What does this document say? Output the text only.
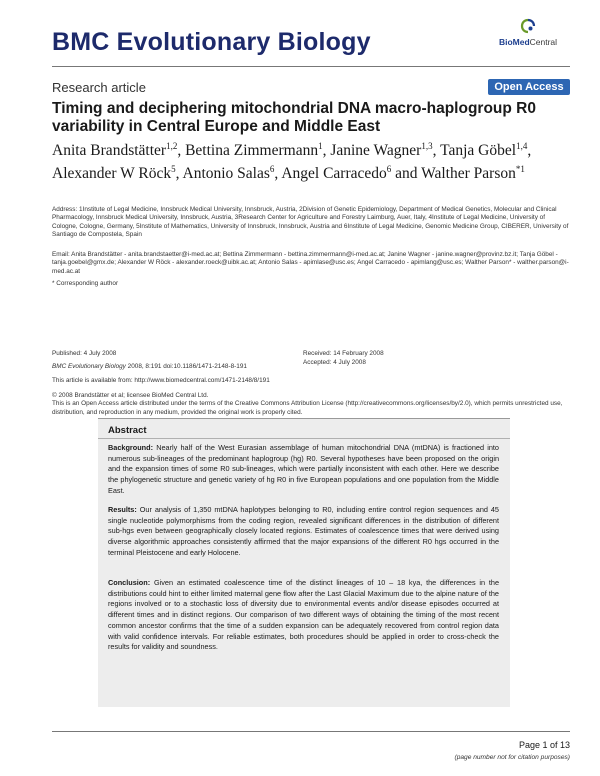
BMC Evolutionary Biology	BioMedCentral
Research article	Open Access
Timing and deciphering mitochondrial DNA macro-haplogroup R0 variability in Central Europe and Middle East
Anita Brandstätter$^{1,2}$, Bettina Zimmermann$^1$, Janine Wagner$^{1,3}$, Tanja Göbel$^{1,4}$, Alexander W Röck$^5$, Antonio Salas$^6$, Angel Carracedo$^6$ and Walther Parson$^{*1}$
Address: 1Institute of Legal Medicine, Innsbruck Medical University, Innsbruck, Austria, 2Division of Genetic Epidemiology, Department of Medical Genetics, Molecular and Clinical Pharmacology, Innsbruck Medical University, Innsbruck, Austria, 3Research Center for Agriculture and Forestry Laimburg, Auer, Italy, 4Institute of Legal Medicine, University of Cologne, Cologne, Germany, 5Institute of Mathematics, University of Innsbruck, Innsbruck, Austria and 6Institute of Legal Medicine, Genomic Medicine Group, CIBERER, University of Santiago de Compostela, Spain
Email: Anita Brandstätter - anita.brandstaetter@i-med.ac.at; Bettina Zimmermann - bettina.zimmermann@i-med.ac.at; Janine Wagner - janine.wagner@provinz.bz.it; Tanja Göbel - tanja.goebel@gmx.de; Alexander W Röck - alexander.roeck@uibk.ac.at; Antonio Salas - apimlase@usc.es; Angel Carracedo - apimlang@usc.es; Walther Parson* - walther.parson@i-med.ac.at
* Corresponding author
Published: 4 July 2008
BMC Evolutionary Biology 2008, 8:191 doi:10.1186/1471-2148-8-191
This article is available from: http://www.biomedcentral.com/1471-2148/8/191
Received: 14 February 2008
Accepted: 4 July 2008
© 2008 Brandstätter et al; licensee BioMed Central Ltd.
This is an Open Access article distributed under the terms of the Creative Commons Attribution License (http://creativecommons.org/licenses/by/2.0), which permits unrestricted use, distribution, and reproduction in any medium, provided the original work is properly cited.
Abstract
Background: Nearly half of the West Eurasian assemblage of human mitochondrial DNA (mtDNA) is fractioned into numerous sub-lineages of the predominant haplogroup (hg) R0. Several hypotheses have been proposed on the origin and the expansion times of some R0 sub-lineages, which were partially inconsistent with each other. Here we describe the phylogenetic structure and genetic variety of hg R0 in five European populations and one population from the Middle East.
Results: Our analysis of 1,350 mtDNA haplotypes belonging to R0, including entire control region sequences and 45 single nucleotide polymorphisms from the coding region, revealed significant differences in the distribution of different sub-hgs even between geographically closely located regions. Estimates of coalescence times that were derived using diverse algorithmic approaches consistently affirmed that the major expansions of the different R0 hgs occurred in the terminal Pleistocene and early Holocene.
Conclusion: Given an estimated coalescence time of the distinct lineages of 10 – 18 kya, the differences in the distributions could hint to either limited maternal gene flow after the Last Glacial Maximum due to the alpine nature of the regions involved or to a stochastic loss of diversity due to environmental events and/or disease episodes occurred at different times and in distinct regions. Our comparison of two different ways of obtaining the timing of the most recent common ancestor confirms that the time of a sudden expansion can be adequately recovered from control region data with valid confidence intervals. For reliable estimates, both procedures should be applied in order to cross-check the results for validity and soundness.
Page 1 of 13
(page number not for citation purposes)
